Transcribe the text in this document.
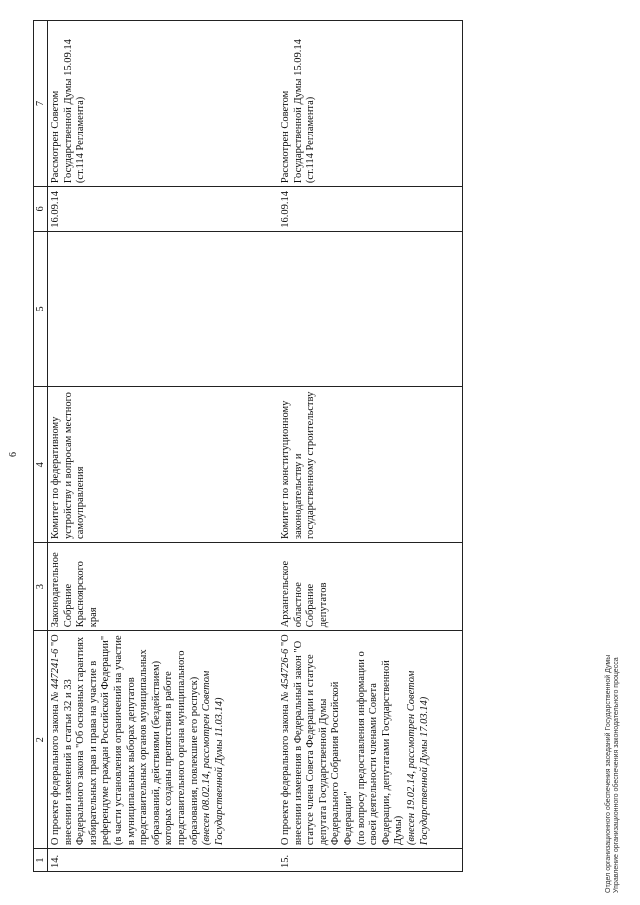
6
1	2	3	4	5	6	7
14.	О проекте федерального закона № 447241-6 "О внесении изменений в статьи 32 и 33 Федерального закона "Об основных гарантиях избирательных прав и права на участие в референдуме граждан Российской Федерации" (в части установления ограничений на участие в муниципальных выборах депутатов представительных органов муниципальных образований, действиями (бездействием) которых созданы препятствия в работе представительного органа муниципального образования, повлекшие его роспуск) (внесен 08.02.14, рассмотрен Советом Государственной Думы 11.03.14)	Законодательное Собрание Красноярского края	Комитет по федеративному устройству и вопросам местного самоуправления		16.09.14	Рассмотрен Советом Государственной Думы 15.09.14 (ст.114 Регламента)
15.	О проекте федерального закона № 454726-6 "О внесении изменения в Федеральный закон "О статусе члена Совета Федерации и статусе депутата Государственной Думы Федерального Собрания Российской Федерации" (по вопросу предоставления информации о своей деятельности членами Совета Федерации, депутатами Государственной Думы) (внесен 19.02.14, рассмотрен Советом Государственной Думы 17.03.14)	Архангельское областное Собрание депутатов	Комитет по конституционному законодательству и государственному строительству		16.09.14	Рассмотрен Советом Государственной Думы 15.09.14 (ст.114 Регламента)
Отдел организационного обеспечения заседаний Государственной Думы Управление организационного обеспечения законодательного процесса
